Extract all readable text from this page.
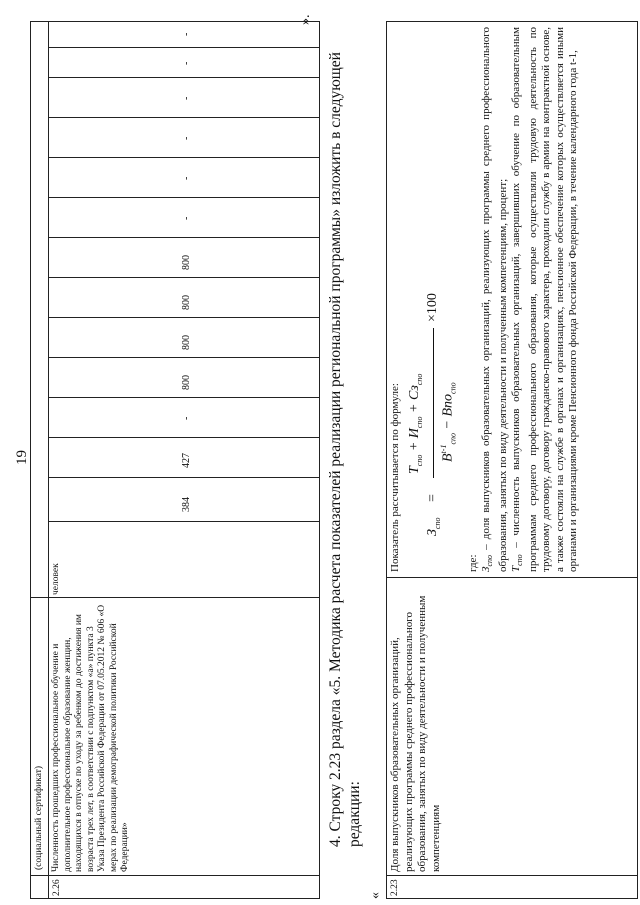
19
(социальный сертификат)
2.26
Численность прошедших профессиональное обучение и дополнительное профессиональное образование женщин, находящихся в отпуске по уходу за ребенком до достижения им возраста трех лет, в соответствии с подпунктом «а» пункта 3 Указа Президента Российской Федерации от 07.05.2012 № 606 «О мерах по реализации демографической политики Российской Федерации»
человек
384
427
-
800
800
800
800
-
-
-
-
-
-
».
4. Строку 2.23 раздела «5. Методика расчета показателей реализации региональной программы» изложить в следующей редакции:
« 2.23
Доля выпускников образовательных организаций, реализующих программы среднего профессионального образования, занятых по виду деятельности и полученным компетенциям
Показатель рассчитывается по формуле: $З_{спо}$
=
$Т_{спо} + И_{спо} + Сз_{спо}$
$В^{t-1}_{спо} - Впо_{спо}$
×100
где: $З_{спо}$ – доля выпускников образовательных организаций, реализующих программы среднего профессионального образования, занятых по виду деятельности и полученным компетенциям, процент; $Т_{спо}$ – численность выпускников образовательных организаций, завершивших обучение по образовательным программам среднего профессионального образования, которые осуществляли трудовую деятельность по трудовому договору, договору гражданско-правового характера, проходили службу в армии на контрактной основе, а также состояли на службе в органах и организациях, пенсионное обеспечение которых осуществляется иными органами и организациями кроме Пенсионного фонда Российской Федерации, в течение календарного года t-1,
